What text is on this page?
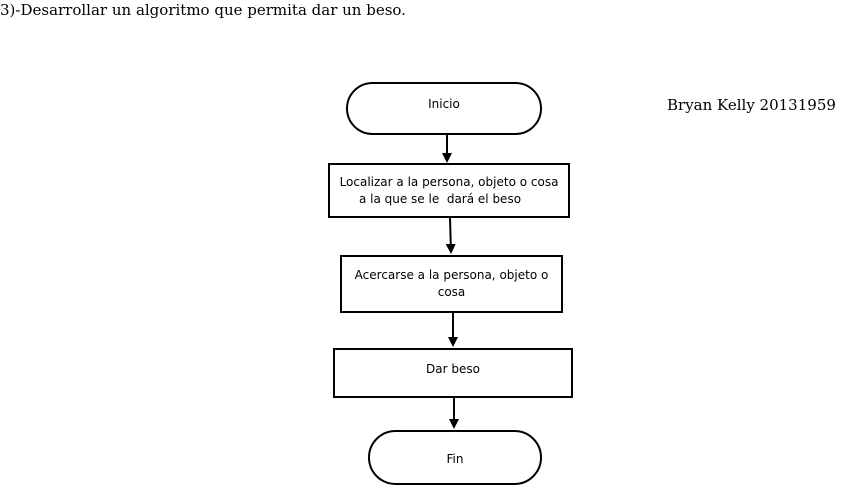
3)-Desarrollar un algoritmo que permita dar un beso.
Bryan Kelly 20131959
Inicio
Localizar a la persona, objeto o cosa
a la que se le  dará el beso
Acercarse a la persona, objeto o cosa
Dar beso
Fin
